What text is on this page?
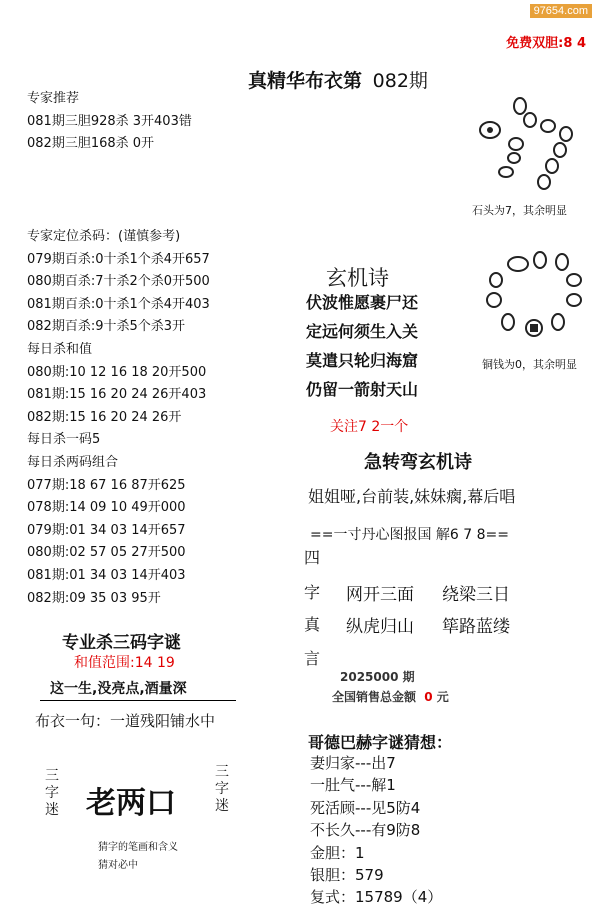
97654.com
免费双胆:8 4
真精华布衣第 082期
专家推荐
081期三胆928杀 3开403错
082期三胆168杀 0开
专家定位杀码：(谨慎参考)
079期百杀:0十杀1个杀4开657
080期百杀:7十杀2个杀0开500
081期百杀:0十杀1个杀4开403
082期百杀:9十杀5个杀3开
每日杀和值
080期:10 12 16 18 20开500
081期:15 16 20 24 26开403
082期:15 16 20 24 26开
每日杀一码5
每日杀两码组合
077期:18 67 16 87开625
078期:14 09 10 49开000
079期:01 34 03 14开657
080期:02 57 05 27开500
081期:01 34 03 14开403
082期:09 35 03 95开
专业杀三码字谜
和值范围:14 19
这一生,没亮点,酒量深
布衣一句：一道残阳铺水中
三字迷 老两口
三字迷
猜字的笔画和含义
猜对必中
石头为7，其余明显
铜钱为0，其余明显
玄机诗
伏波惟愿裹尸还
定远何须生入关
莫遣只轮归海窟
仍留一箭射天山
关注7 2一个
急转弯玄机诗
姐姐哑,台前装,妹妹瘸,幕后唱
==一寸丹心图报国 解6 7 8==
四
字
真
言
网开三面 绕梁三日
纵虎归山 筚路蓝缕
2025000 期
全国销售总金额 0 元
哥德巴赫字谜猜想：
妻归家---出7
一肚气---解1
死活顾---见5防4
不长久---有9防8
金胆：1
银胆：579
复式：15789（4）
